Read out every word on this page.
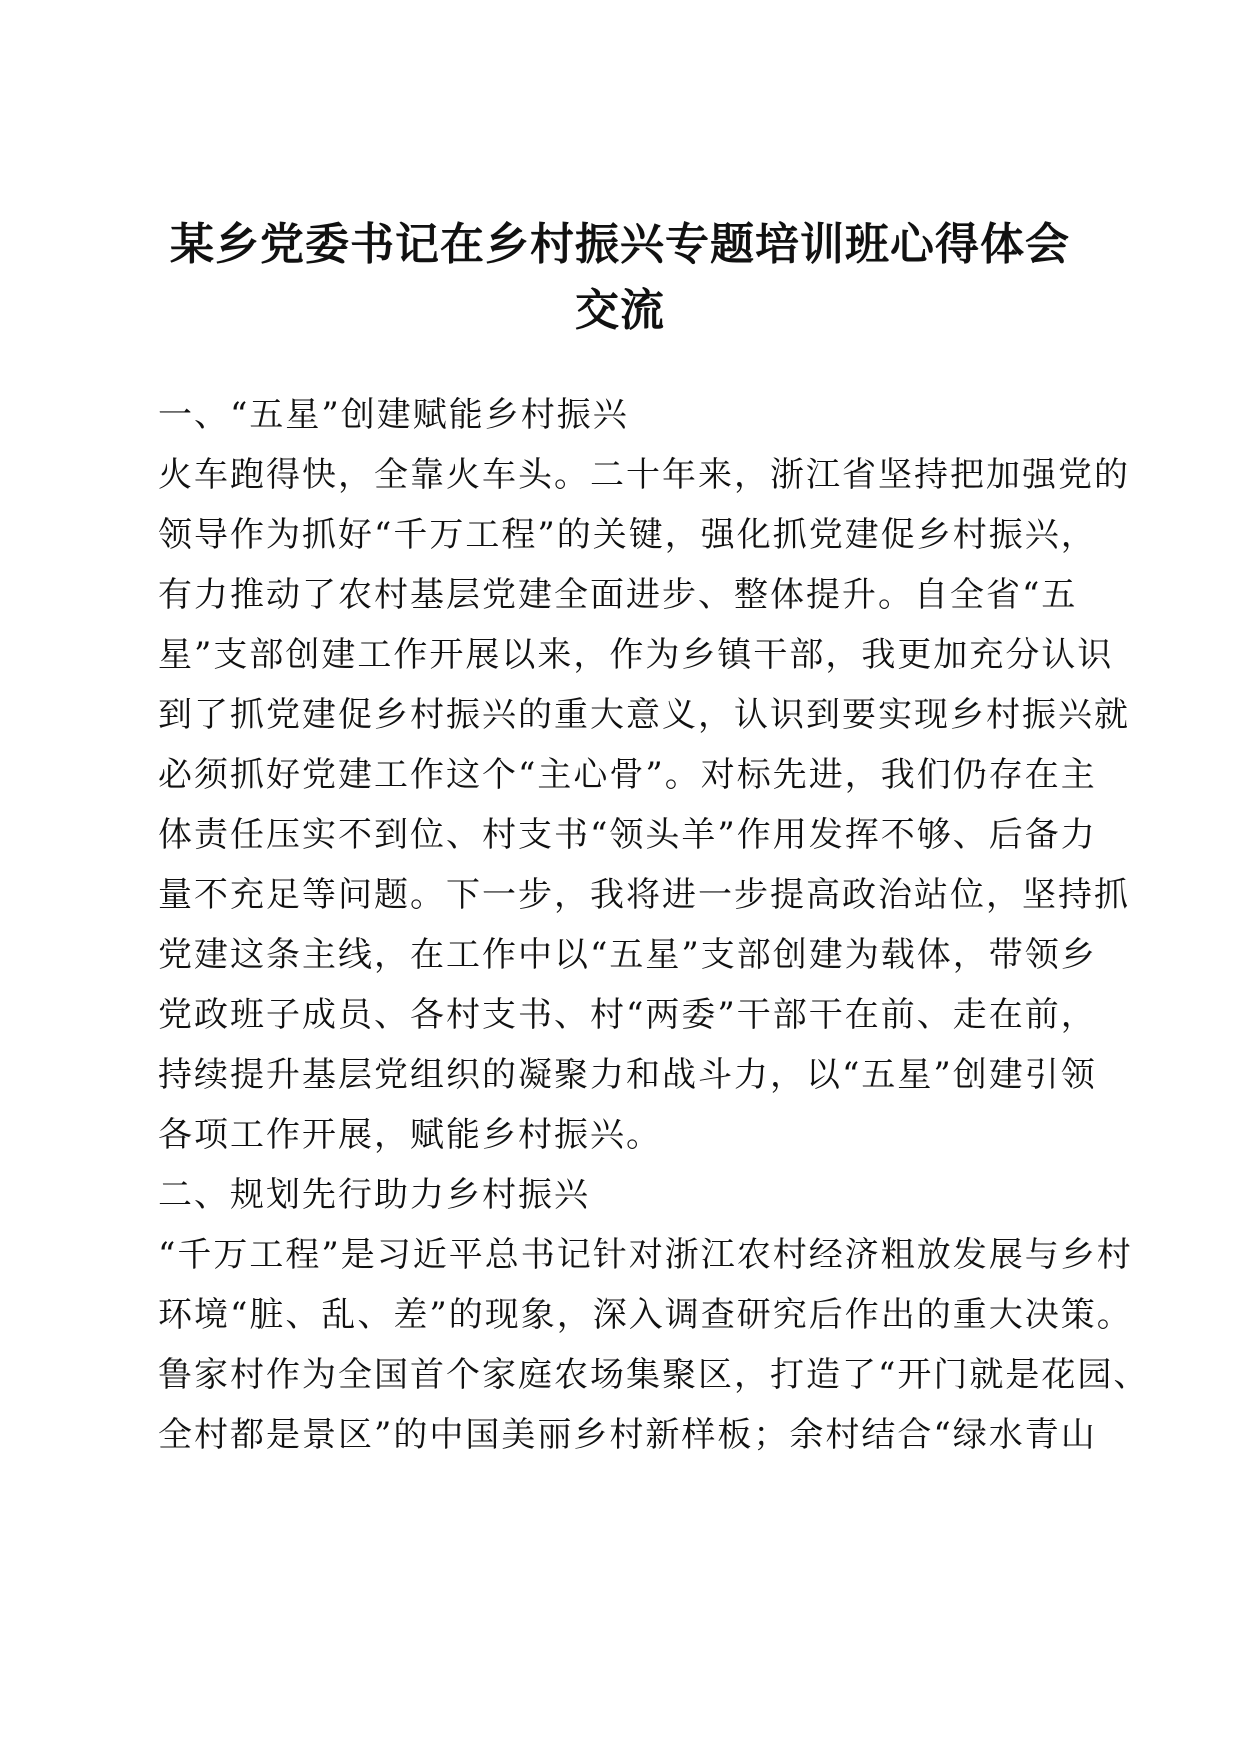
某乡党委书记在乡村振兴专题培训班心得体会
交流
一、“五星”创建赋能乡村振兴
火车跑得快，全靠火车头。二十年来，浙江省坚持把加强党的
领导作为抓好“千万工程”的关键，强化抓党建促乡村振兴，
有力推动了农村基层党建全面进步、整体提升。自全省“五
星”支部创建工作开展以来，作为乡镇干部，我更加充分认识
到了抓党建促乡村振兴的重大意义，认识到要实现乡村振兴就
必须抓好党建工作这个“主心骨”。对标先进，我们仍存在主
体责任压实不到位、村支书“领头羊”作用发挥不够、后备力
量不充足等问题。下一步，我将进一步提高政治站位，坚持抓
党建这条主线，在工作中以“五星”支部创建为载体，带领乡
党政班子成员、各村支书、村“两委”干部干在前、走在前，
持续提升基层党组织的凝聚力和战斗力，以“五星”创建引领
各项工作开展，赋能乡村振兴。
二、规划先行助力乡村振兴
“千万工程”是习近平总书记针对浙江农村经济粗放发展与乡村
环境“脏、乱、差”的现象，深入调查研究后作出的重大决策。
鲁家村作为全国首个家庭农场集聚区，打造了“开门就是花园、
全村都是景区”的中国美丽乡村新样板；余村结合“绿水青山
